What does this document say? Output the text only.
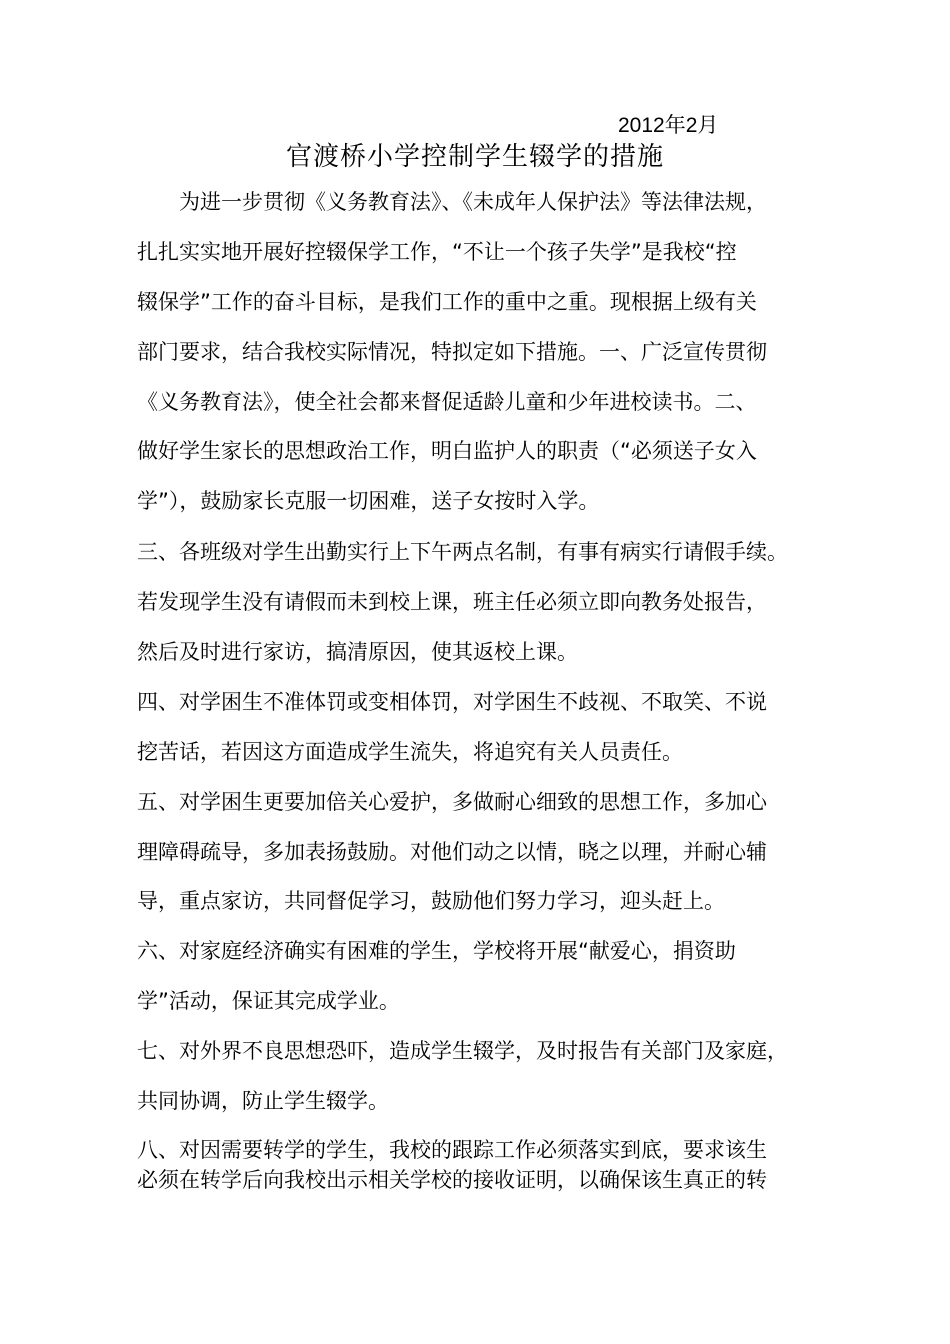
2012年2月
官渡桥小学控制学生辍学的措施
为进一步贯彻《义务教育法》、《未成年人保护法》等法律法规，
扎扎实实地开展好控辍保学工作，“不让一个孩子失学”是我校“控
辍保学”工作的奋斗目标，是我们工作的重中之重。现根据上级有关
部门要求，结合我校实际情况，特拟定如下措施。一、广泛宣传贯彻
《义务教育法》，使全社会都来督促适龄儿童和少年进校读书。二、
做好学生家长的思想政治工作，明白监护人的职责（“必须送子女入
学”），鼓励家长克服一切困难，送子女按时入学。
三、各班级对学生出勤实行上下午两点名制，有事有病实行请假手续。
若发现学生没有请假而未到校上课，班主任必须立即向教务处报告，
然后及时进行家访，搞清原因，使其返校上课。
四、对学困生不准体罚或变相体罚，对学困生不歧视、不取笑、不说
挖苦话，若因这方面造成学生流失，将追究有关人员责任。
五、对学困生更要加倍关心爱护，多做耐心细致的思想工作，多加心
理障碍疏导，多加表扬鼓励。对他们动之以情，晓之以理，并耐心辅
导，重点家访，共同督促学习，鼓励他们努力学习，迎头赶上。
六、对家庭经济确实有困难的学生，学校将开展“献爱心，捐资助
学”活动，保证其完成学业。
七、对外界不良思想恐吓，造成学生辍学，及时报告有关部门及家庭，
共同协调，防止学生辍学。
八、对因需要转学的学生，我校的跟踪工作必须落实到底，要求该生
必须在转学后向我校出示相关学校的接收证明，以确保该生真正的转
